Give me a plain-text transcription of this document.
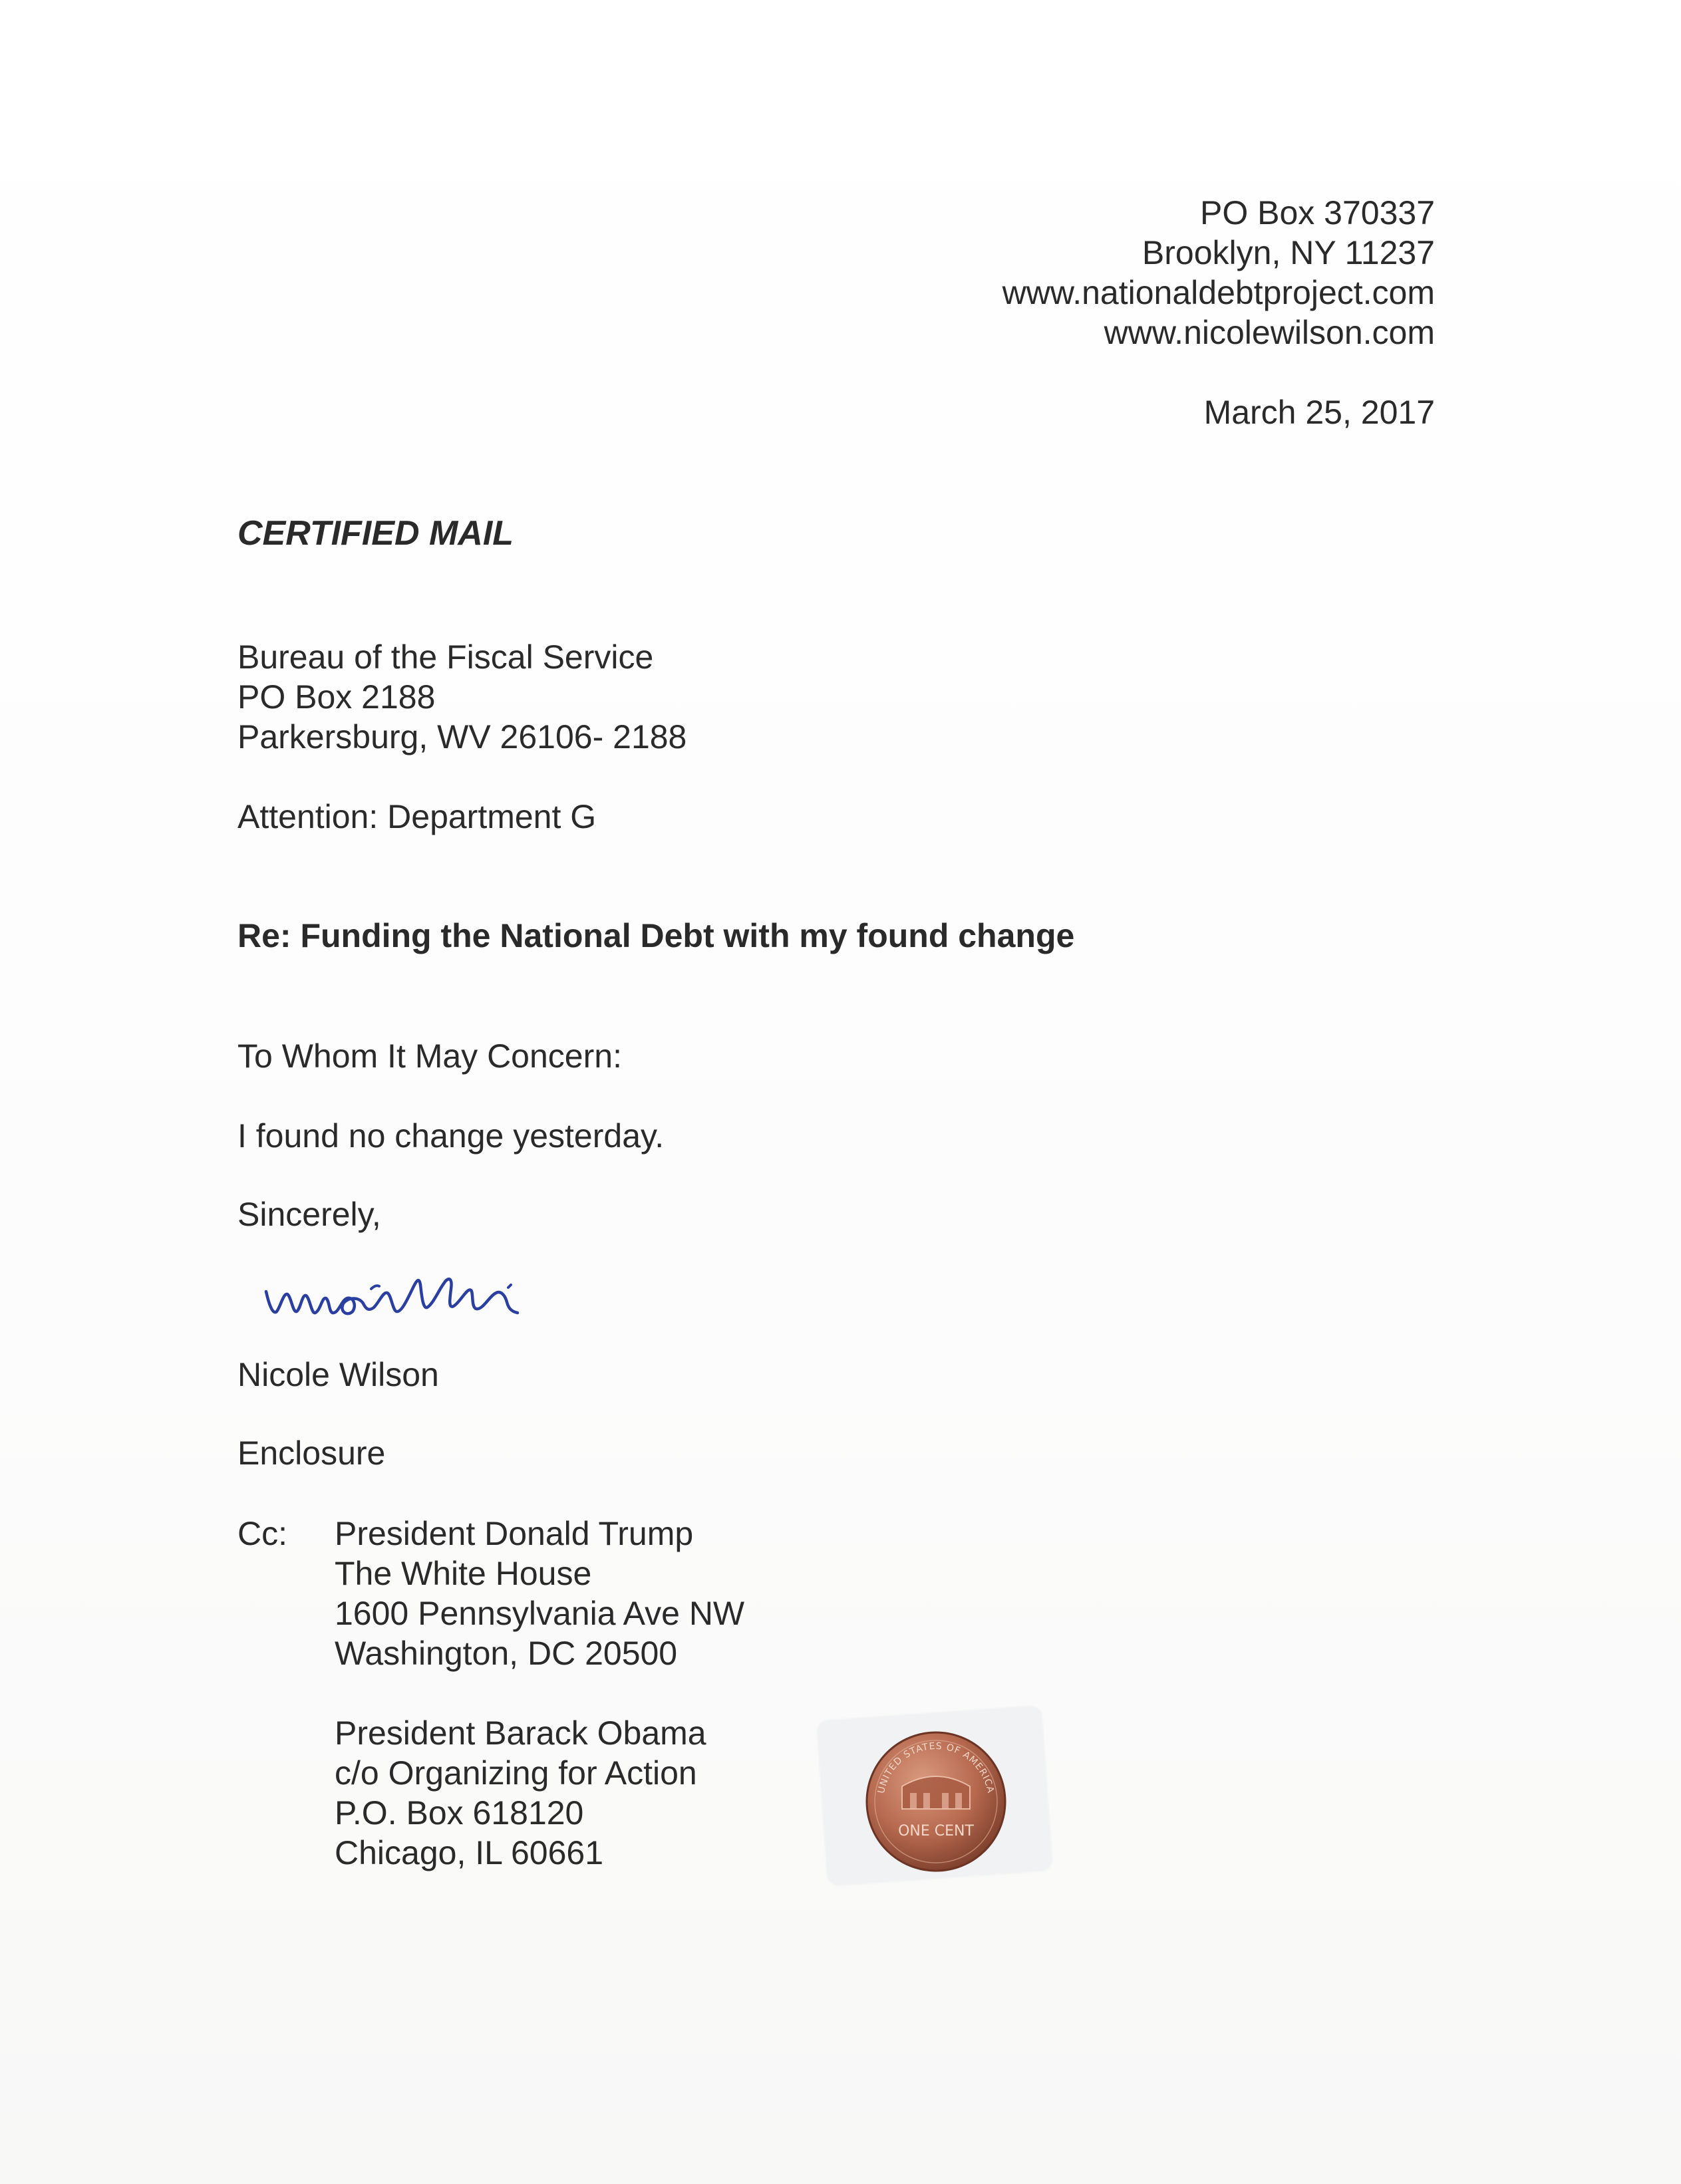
PO Box 370337
Brooklyn, NY 11237
www.nationaldebtproject.com
www.nicolewilson.com
March 25, 2017
CERTIFIED MAIL
Bureau of the Fiscal Service
PO Box 2188
Parkersburg, WV 26106- 2188
Attention: Department G
Re: Funding the National Debt with my found change
To Whom It May Concern:
I found no change yesterday.
Sincerely,
Nicole Wilson
Enclosure
Cc: President Donald Trump
The White House
1600 Pennsylvania Ave NW
Washington, DC 20500
President Barack Obama
c/o Organizing for Action
P.O. Box 618120
Chicago, IL 60661
UNITED STATES OF AMERICA
ONE CENT
